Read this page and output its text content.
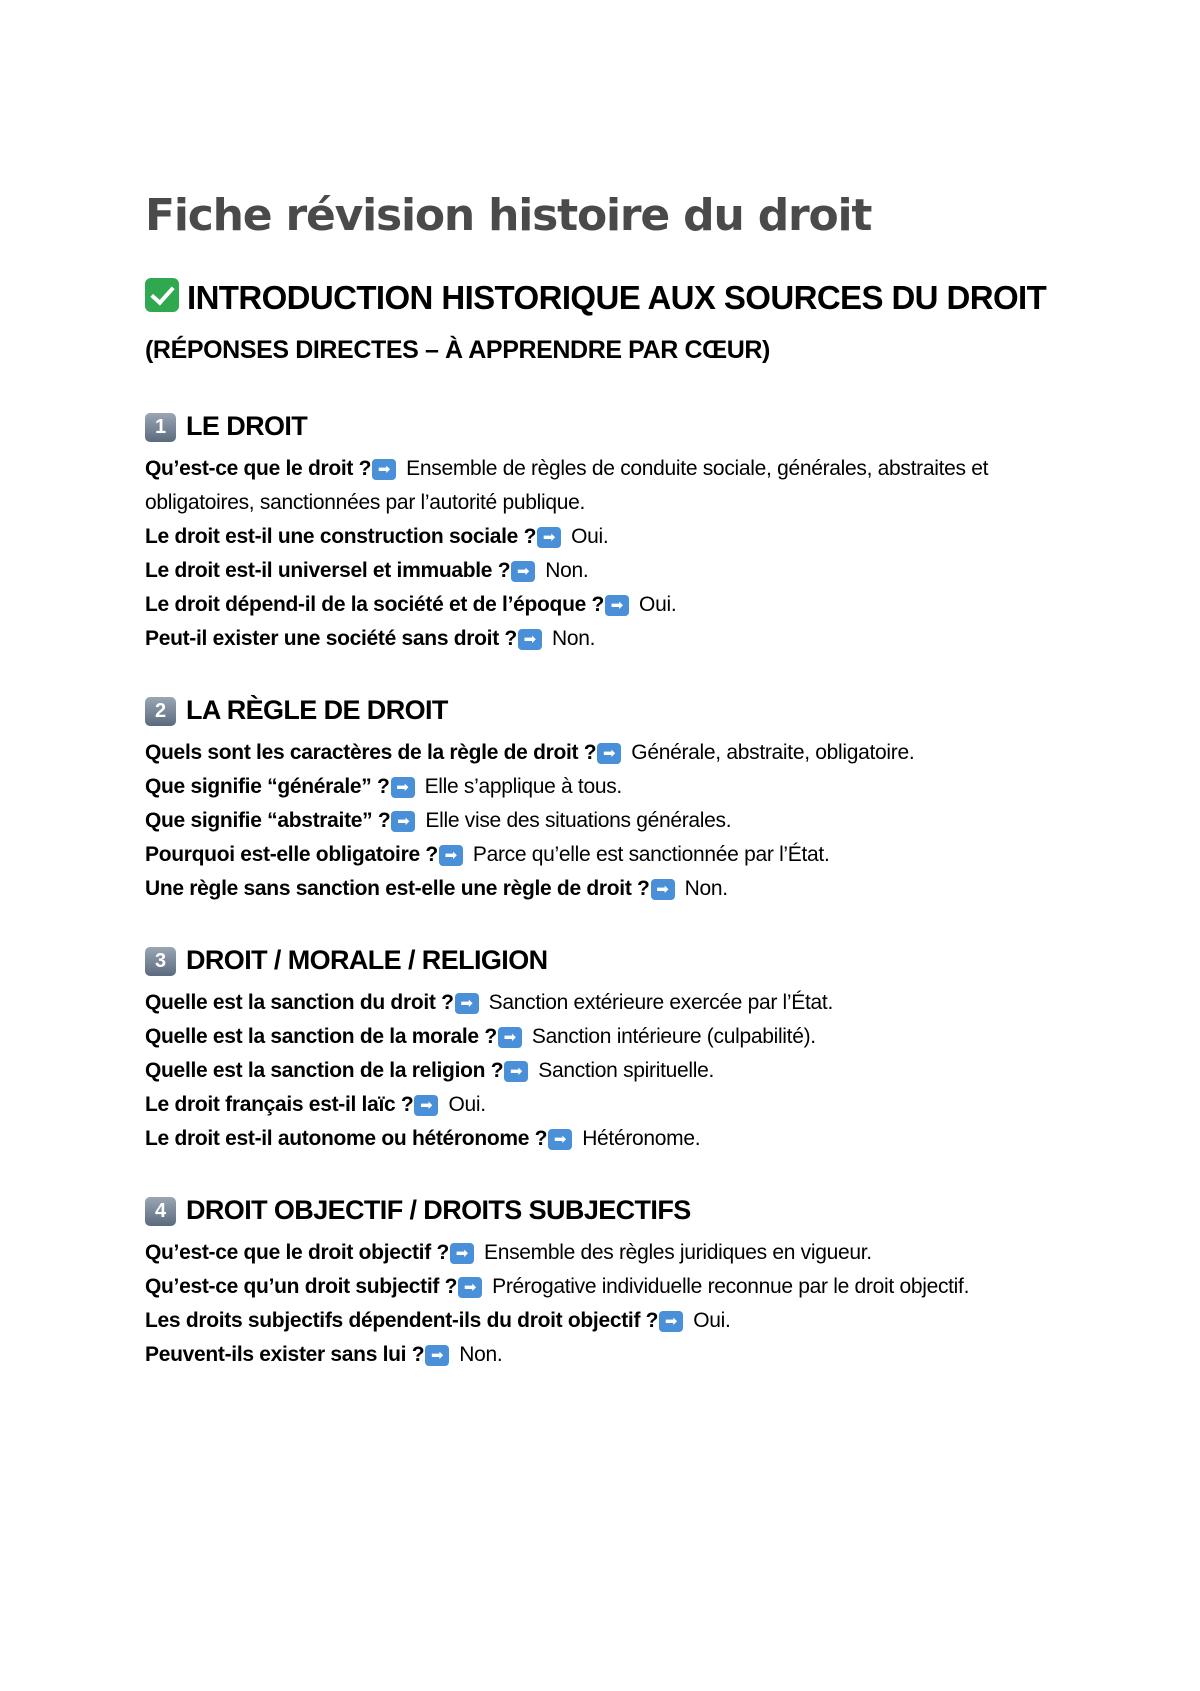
Fiche révision histoire du droit
INTRODUCTION HISTORIQUE AUX SOURCES DU DROIT
(RÉPONSES DIRECTES – À APPRENDRE PAR CŒUR)
1 LE DROIT
Qu’est-ce que le droit ? ➡ Ensemble de règles de conduite sociale, générales, abstraites et obligatoires, sanctionnées par l’autorité publique.
Le droit est-il une construction sociale ? ➡ Oui.
Le droit est-il universel et immuable ? ➡ Non.
Le droit dépend-il de la société et de l’époque ? ➡ Oui.
Peut-il exister une société sans droit ? ➡ Non.
2 LA RÈGLE DE DROIT
Quels sont les caractères de la règle de droit ? ➡ Générale, abstraite, obligatoire.
Que signifie “générale” ? ➡ Elle s’applique à tous.
Que signifie “abstraite” ? ➡ Elle vise des situations générales.
Pourquoi est-elle obligatoire ? ➡ Parce qu’elle est sanctionnée par l’État.
Une règle sans sanction est-elle une règle de droit ? ➡ Non.
3 DROIT / MORALE / RELIGION
Quelle est la sanction du droit ? ➡ Sanction extérieure exercée par l’État.
Quelle est la sanction de la morale ? ➡ Sanction intérieure (culpabilité).
Quelle est la sanction de la religion ? ➡ Sanction spirituelle.
Le droit français est-il laïc ? ➡ Oui.
Le droit est-il autonome ou hétéronome ? ➡ Hétéronome.
4 DROIT OBJECTIF / DROITS SUBJECTIFS
Qu’est-ce que le droit objectif ? ➡ Ensemble des règles juridiques en vigueur.
Qu’est-ce qu’un droit subjectif ? ➡ Prérogative individuelle reconnue par le droit objectif.
Les droits subjectifs dépendent-ils du droit objectif ? ➡ Oui.
Peuvent-ils exister sans lui ? ➡ Non.
